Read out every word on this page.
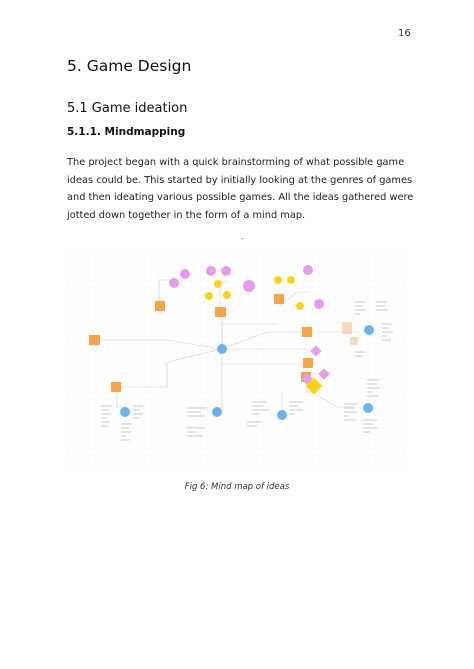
16
5. Game Design
5.1 Game ideation
5.1.1. Mindmapping
The project began with a quick brainstorming of what possible game ideas could be. This started by initially looking at the genres of games and then ideating various possible games. All the ideas gathered were jotted down together in the form of a mind map.
.
Fig 6: Mind map of ideas
